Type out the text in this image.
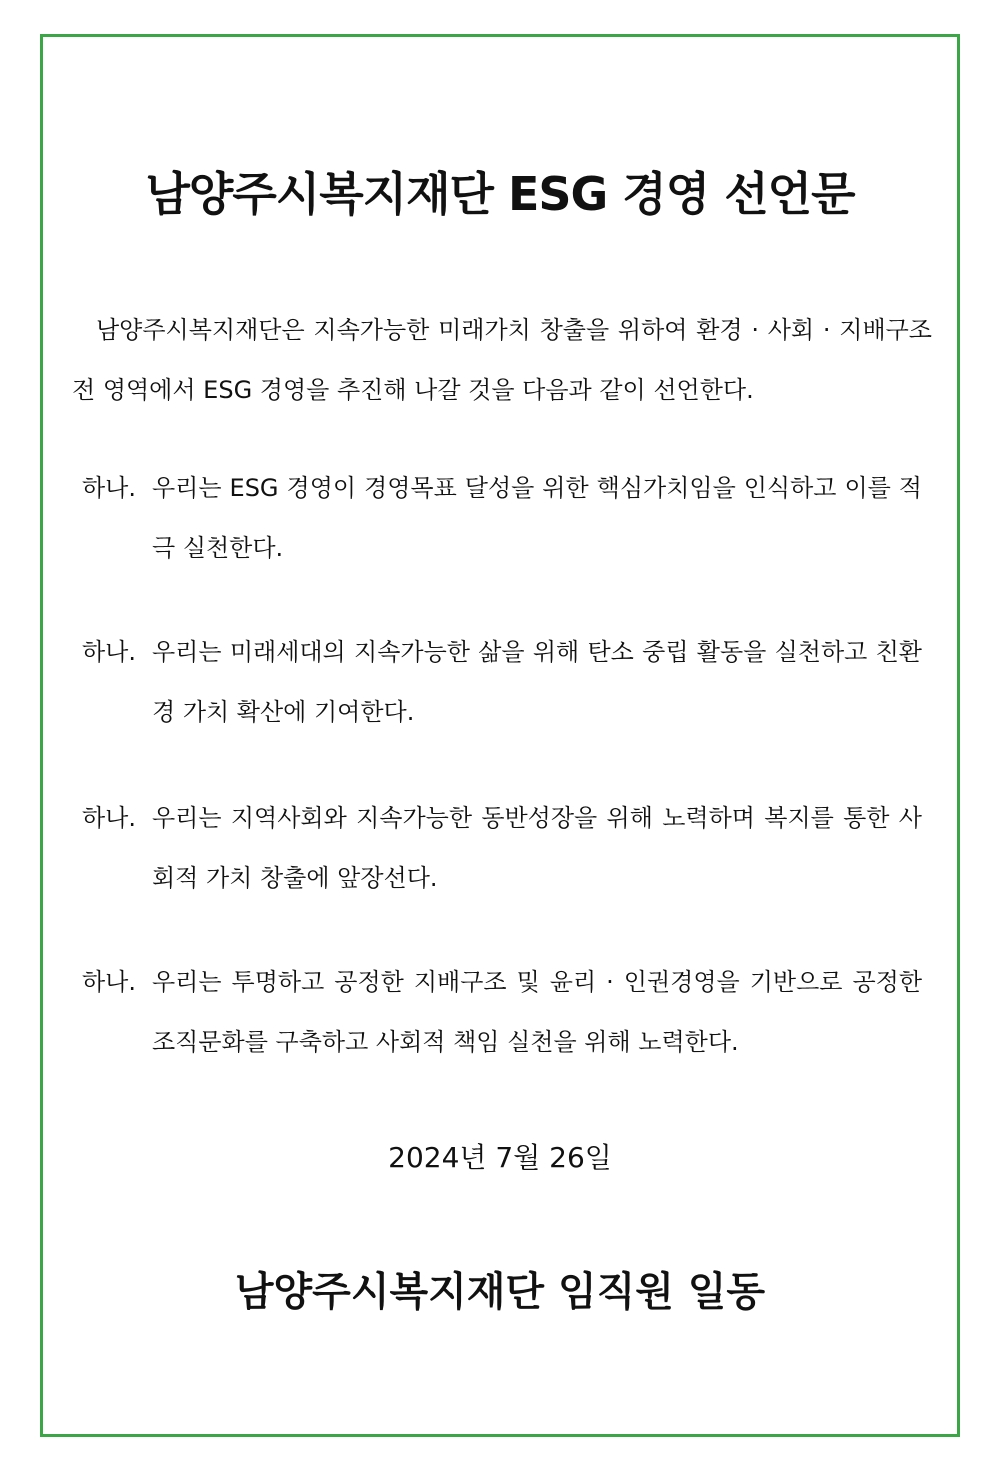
남양주시복지재단 ESG 경영 선언문

남양주시복지재단은 지속가능한 미래가치 창출을 위하여 환경 · 사회 · 지배구조 전 영역에서 ESG 경영을 추진해 나갈 것을 다음과 같이 선언한다.

하나. 우리는 ESG 경영이 경영목표 달성을 위한 핵심가치임을 인식하고 이를 적극 실천한다.
하나. 우리는 미래세대의 지속가능한 삶을 위해 탄소 중립 활동을 실천하고 친환경 가치 확산에 기여한다.
하나. 우리는 지역사회와 지속가능한 동반성장을 위해 노력하며 복지를 통한 사회적 가치 창출에 앞장선다.
하나. 우리는 투명하고 공정한 지배구조 및 윤리 · 인권경영을 기반으로 공정한 조직문화를 구축하고 사회적 책임 실천을 위해 노력한다.

2024년 7월 26일

남양주시복지재단 임직원 일동
